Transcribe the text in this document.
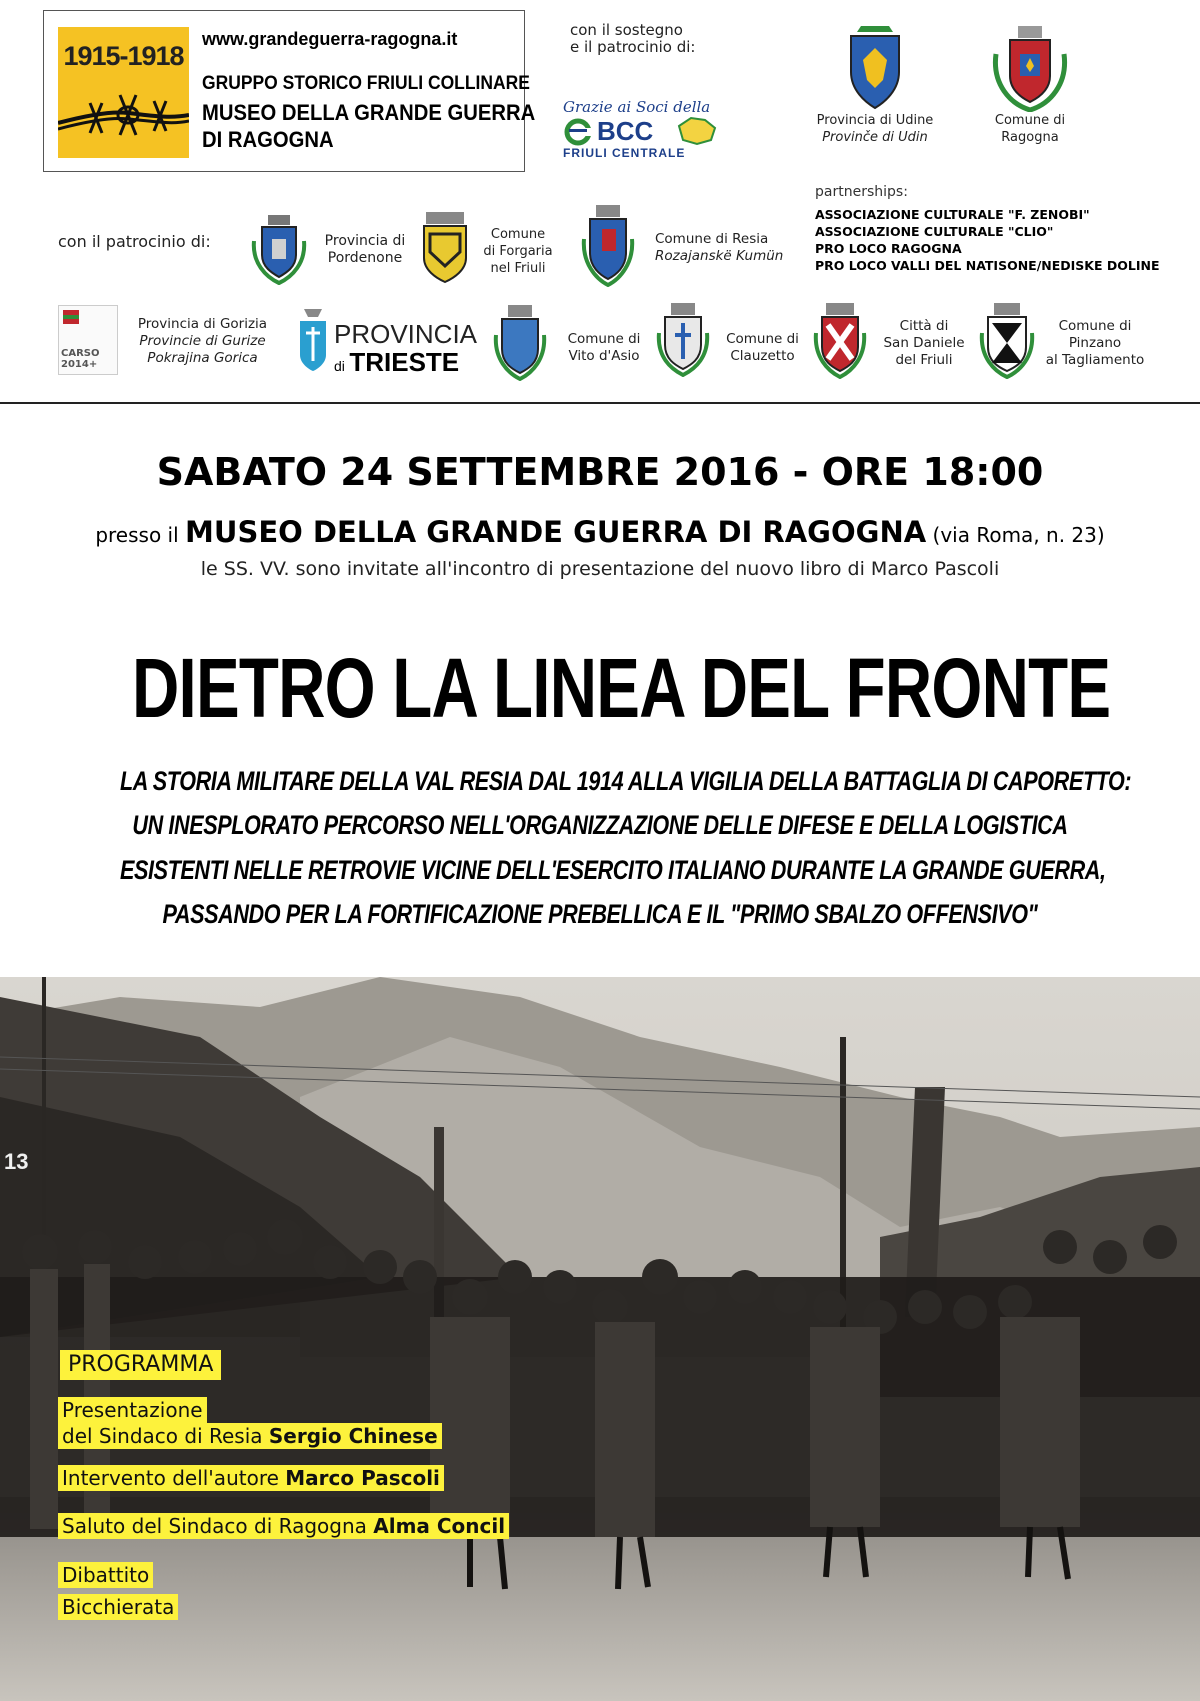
1915-1918
www.grandeguerra-ragogna.it
GRUPPO STORICO FRIULI COLLINARE
MUSEO DELLA GRANDE GUERRA
DI RAGOGNA
con il sostegno
e il patrocinio di:
Grazie ai Soci della
BCC
FRIULI CENTRALE
Provincia di Udine
Provinče di Udin
Comune di
Ragogna
partnerships:
ASSOCIAZIONE CULTURALE "F. ZENOBI"
ASSOCIAZIONE CULTURALE "CLIO"
PRO LOCO RAGOGNA
PRO LOCO VALLI DEL NATISONE/NEDISKE DOLINE
con il patrocinio di:	Provincia di
Pordenone
Comune
di Forgaria
nel Friuli
Comune di Resia
Rozajanskë Kumün
CARSO 2014+
Provincia di Gorizia
Provincie di Gurize
Pokrajina Gorica
PROVINCIA
di TRIESTE
Comune di
Vito d'Asio
Comune di
Clauzetto
Città di
San Daniele
del Friuli
Comune di
Pinzano
al Tagliamento
SABATO 24 SETTEMBRE 2016 - ORE 18:00
presso il MUSEO DELLA GRANDE GUERRA DI RAGOGNA (via Roma, n. 23)
le SS. VV. sono invitate all'incontro di presentazione del nuovo libro di Marco Pascoli
DIETRO LA LINEA DEL FRONTE
LA STORIA MILITARE DELLA VAL RESIA DAL 1914 ALLA VIGILIA DELLA BATTAGLIA DI CAPORETTO:
UN INESPLORATO PERCORSO NELL'ORGANIZZAZIONE DELLE DIFESE E DELLA LOGISTICA
ESISTENTI NELLE RETROVIE VICINE DELL'ESERCITO ITALIANO DURANTE LA GRANDE GUERRA,
PASSANDO PER LA FORTIFICAZIONE PREBELLICA E IL "PRIMO SBALZO OFFENSIVO"
13
PROGRAMMA
Presentazione
del Sindaco di Resia Sergio Chinese
Intervento dell'autore Marco Pascoli
Saluto del Sindaco di Ragogna Alma Concil
Dibattito
Bicchierata
